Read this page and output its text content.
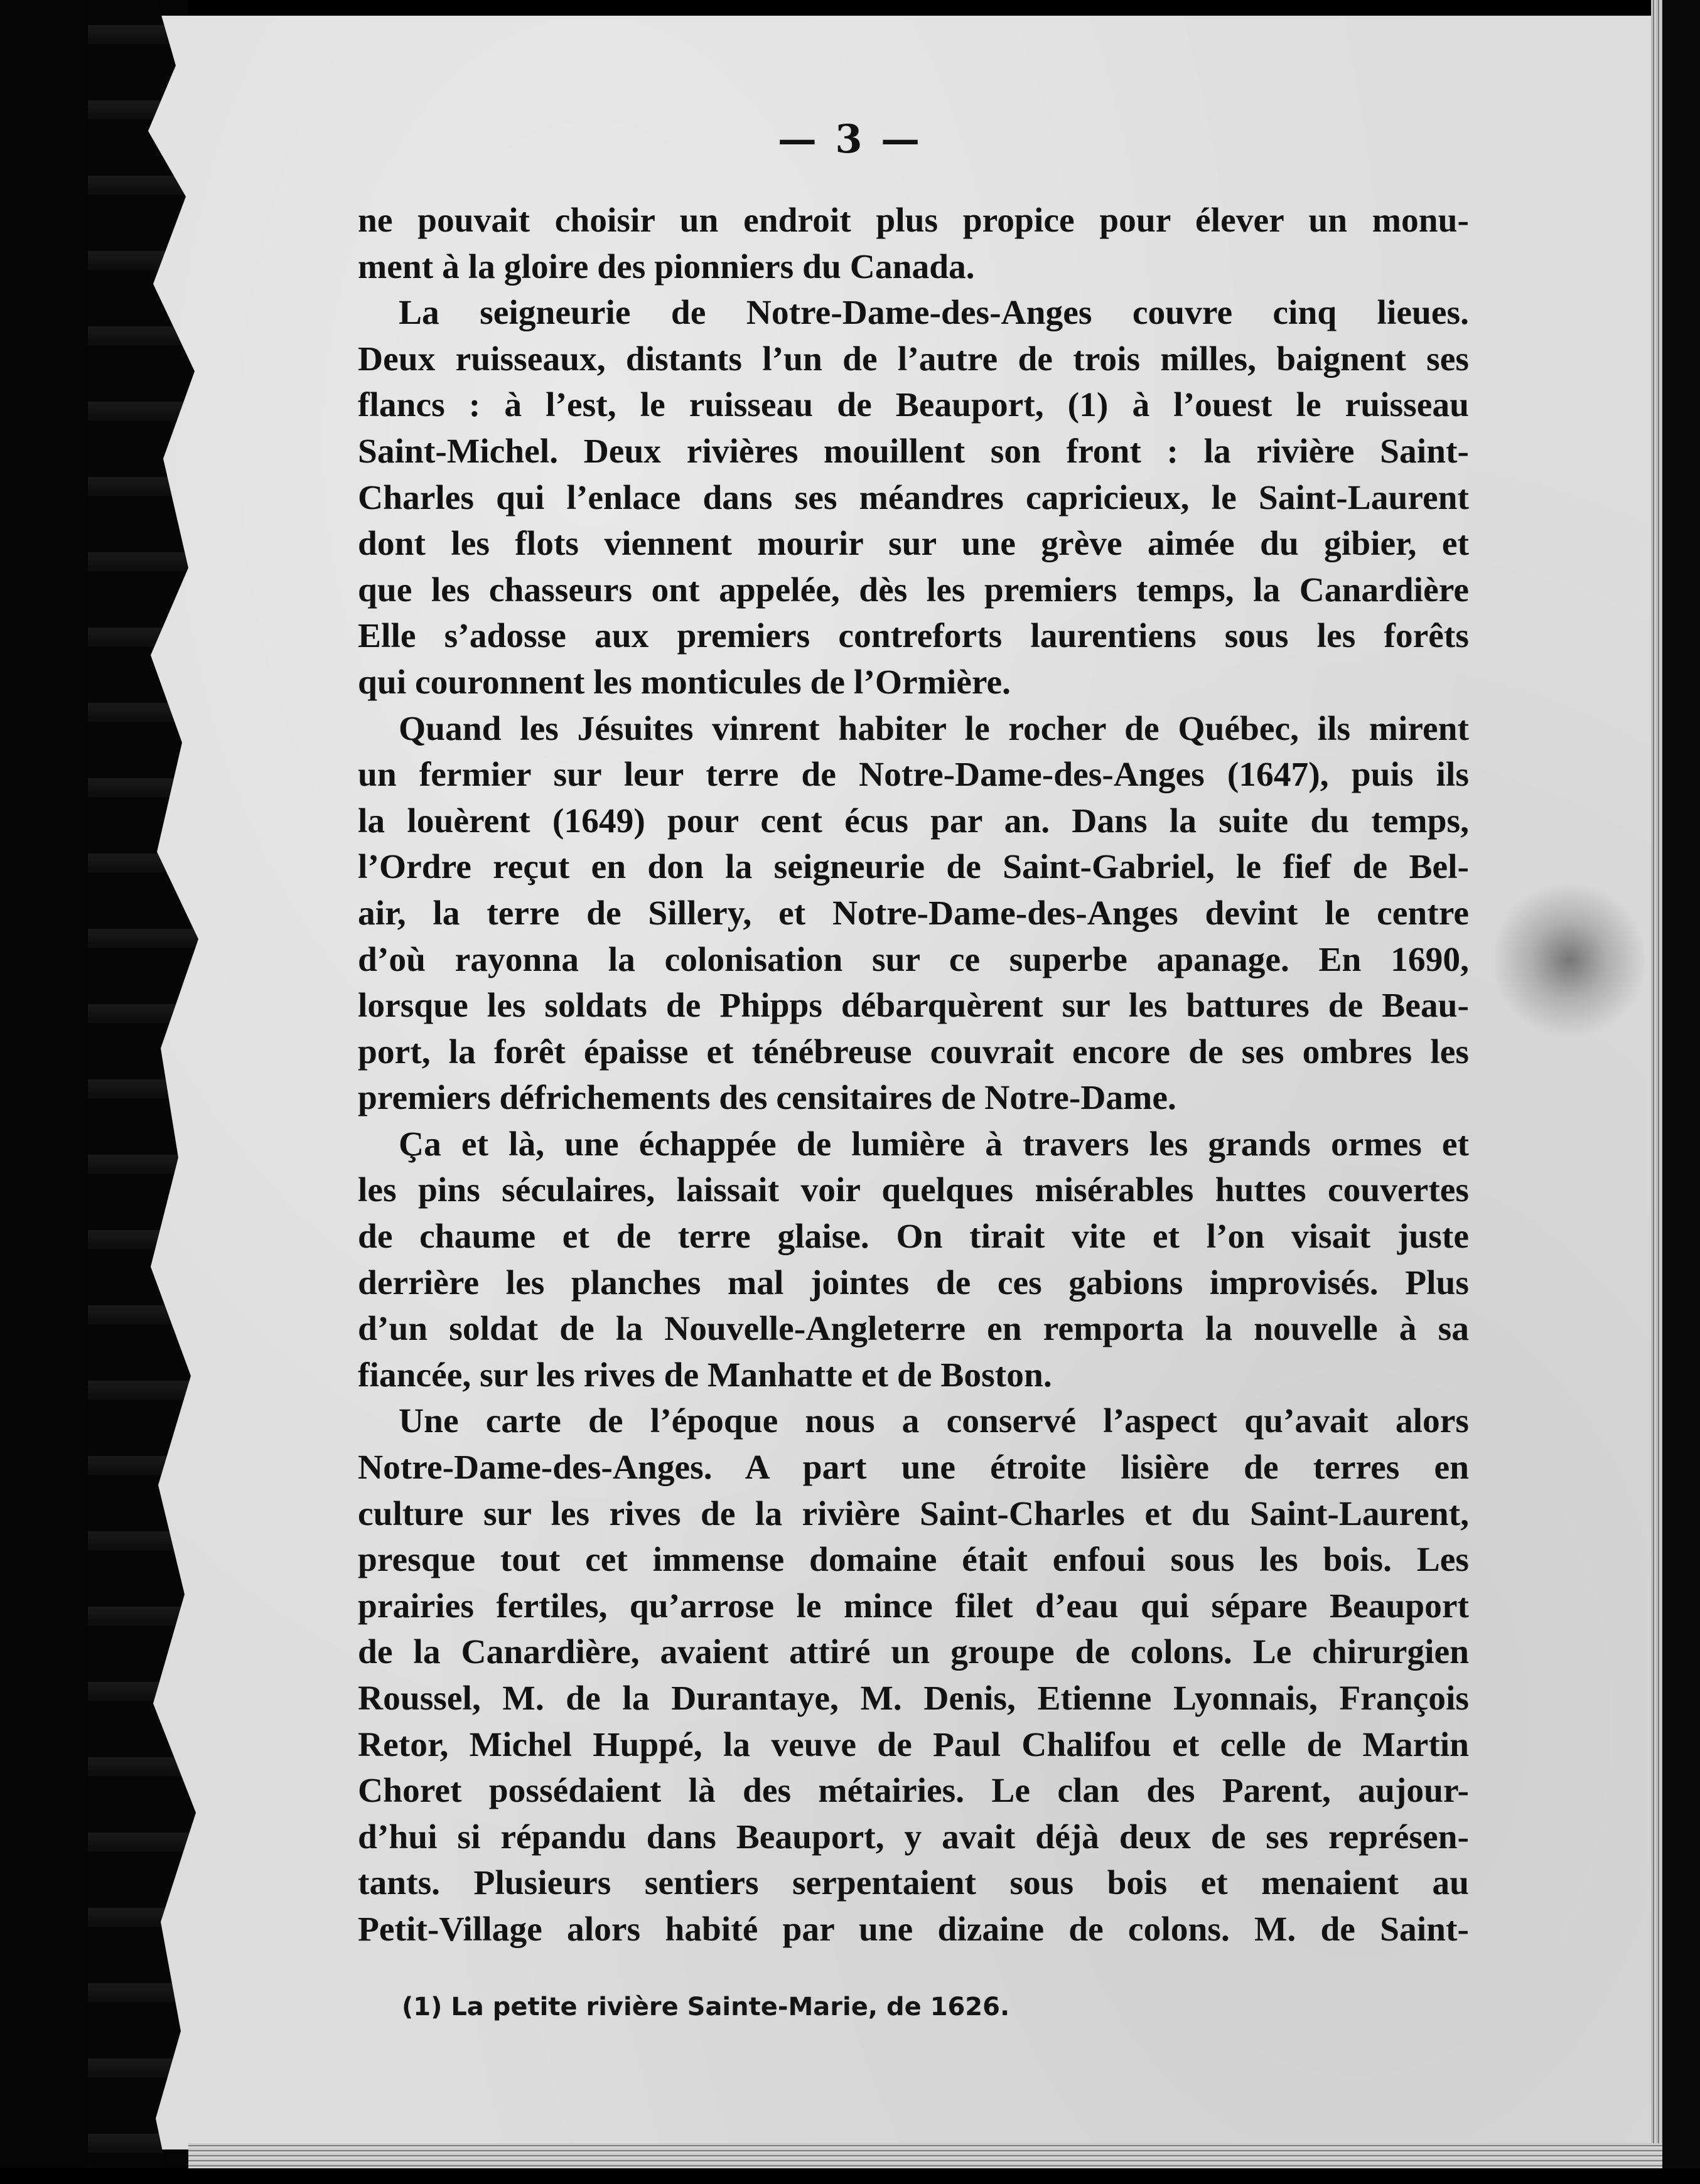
— 3 —
ne pouvait choisir un endroit plus propice pour élever un monu-
ment à la gloire des pionniers du Canada.
La seigneurie de Notre-Dame-des-Anges couvre cinq lieues.
Deux ruisseaux, distants l’un de l’autre de trois milles, baignent ses
flancs : à l’est, le ruisseau de Beauport, (1) à l’ouest le ruisseau
Saint-Michel. Deux rivières mouillent son front : la rivière Saint-
Charles qui l’enlace dans ses méandres capricieux, le Saint-Laurent
dont les flots viennent mourir sur une grève aimée du gibier, et
que les chasseurs ont appelée, dès les premiers temps, la Canardière
Elle s’adosse aux premiers contreforts laurentiens sous les forêts
qui couronnent les monticules de l’Ormière.
Quand les Jésuites vinrent habiter le rocher de Québec, ils mirent
un fermier sur leur terre de Notre-Dame-des-Anges (1647), puis ils
la louèrent (1649) pour cent écus par an. Dans la suite du temps,
l’Ordre reçut en don la seigneurie de Saint-Gabriel, le fief de Bel-
air, la terre de Sillery, et Notre-Dame-des-Anges devint le centre
d’où rayonna la colonisation sur ce superbe apanage. En 1690,
lorsque les soldats de Phipps débarquèrent sur les battures de Beau-
port, la forêt épaisse et ténébreuse couvrait encore de ses ombres les
premiers défrichements des censitaires de Notre-Dame.
Ça et là, une échappée de lumière à travers les grands ormes et
les pins séculaires, laissait voir quelques misérables huttes couvertes
de chaume et de terre glaise. On tirait vite et l’on visait juste
derrière les planches mal jointes de ces gabions improvisés. Plus
d’un soldat de la Nouvelle-Angleterre en remporta la nouvelle à sa
fiancée, sur les rives de Manhatte et de Boston.
Une carte de l’époque nous a conservé l’aspect qu’avait alors
Notre-Dame-des-Anges. A part une étroite lisière de terres en
culture sur les rives de la rivière Saint-Charles et du Saint-Laurent,
presque tout cet immense domaine était enfoui sous les bois. Les
prairies fertiles, qu’arrose le mince filet d’eau qui sépare Beauport
de la Canardière, avaient attiré un groupe de colons. Le chirurgien
Roussel, M. de la Durantaye, M. Denis, Etienne Lyonnais, François
Retor, Michel Huppé, la veuve de Paul Chalifou et celle de Martin
Choret possédaient là des métairies. Le clan des Parent, aujour-
d’hui si répandu dans Beauport, y avait déjà deux de ses représen-
tants. Plusieurs sentiers serpentaient sous bois et menaient au
Petit-Village alors habité par une dizaine de colons. M. de Saint-
(1) La petite rivière Sainte-Marie, de 1626.
